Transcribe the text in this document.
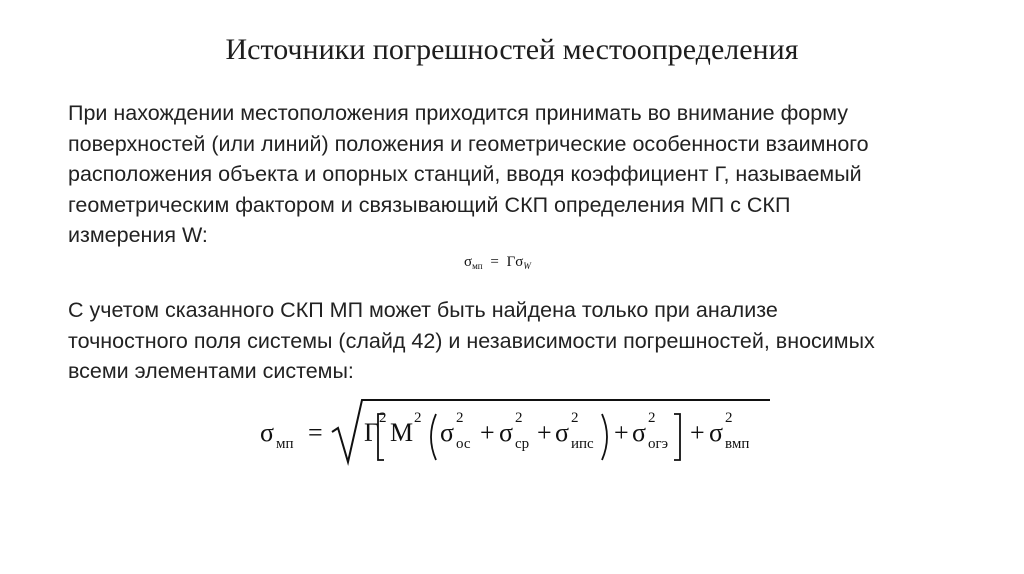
Источники погрешностей местоопределения
При нахождении местоположения приходится принимать во внимание форму
поверхностей (или линий) положения и геометрические особенности взаимного
расположения объекта и опорных станций, вводя коэффициент Г, называемый
геометрическим фактором и связывающий СКП определения МП с СКП
измерения W:
$\sigma_{мп} = \Gamma\sigma_W$
С учетом сказанного СКП МП может быть найдена только при анализе
точностного поля системы (слайд 42) и независимости погрешностей, вносимых
всеми элементами системы:
σ мп = Γ 2 M 2 σ 2
ос + σ 2
ср + σ 2
ипс + σ 2
огэ + σ 2
вмп
